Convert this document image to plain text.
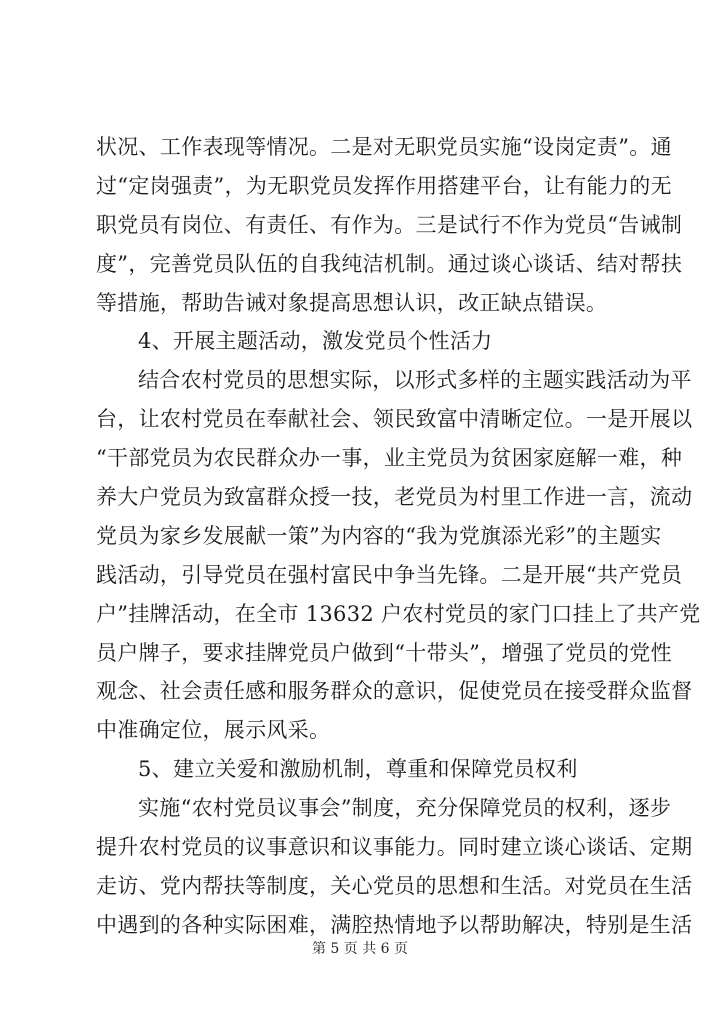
状况、工作表现等情况。二是对无职党员实施“设岗定责”。通
过“定岗强责”，为无职党员发挥作用搭建平台，让有能力的无
职党员有岗位、有责任、有作为。三是试行不作为党员“告诫制
度”，完善党员队伍的自我纯洁机制。通过谈心谈话、结对帮扶
等措施，帮助告诫对象提高思想认识，改正缺点错误。
4、开展主题活动，激发党员个性活力
结合农村党员的思想实际，以形式多样的主题实践活动为平
台，让农村党员在奉献社会、领民致富中清晰定位。一是开展以
“干部党员为农民群众办一事，业主党员为贫困家庭解一难，种
养大户党员为致富群众授一技，老党员为村里工作进一言，流动
党员为家乡发展献一策”为内容的“我为党旗添光彩”的主题实
践活动，引导党员在强村富民中争当先锋。二是开展“共产党员
户”挂牌活动，在全市 13632 户农村党员的家门口挂上了共产党
员户牌子，要求挂牌党员户做到“十带头”，增强了党员的党性
观念、社会责任感和服务群众的意识，促使党员在接受群众监督
中准确定位，展示风采。
5、建立关爱和激励机制，尊重和保障党员权利
实施“农村党员议事会”制度，充分保障党员的权利，逐步
提升农村党员的议事意识和议事能力。同时建立谈心谈话、定期
走访、党内帮扶等制度，关心党员的思想和生活。对党员在生活
中遇到的各种实际困难，满腔热情地予以帮助解决，特别是生活
第 5 页 共 6 页
